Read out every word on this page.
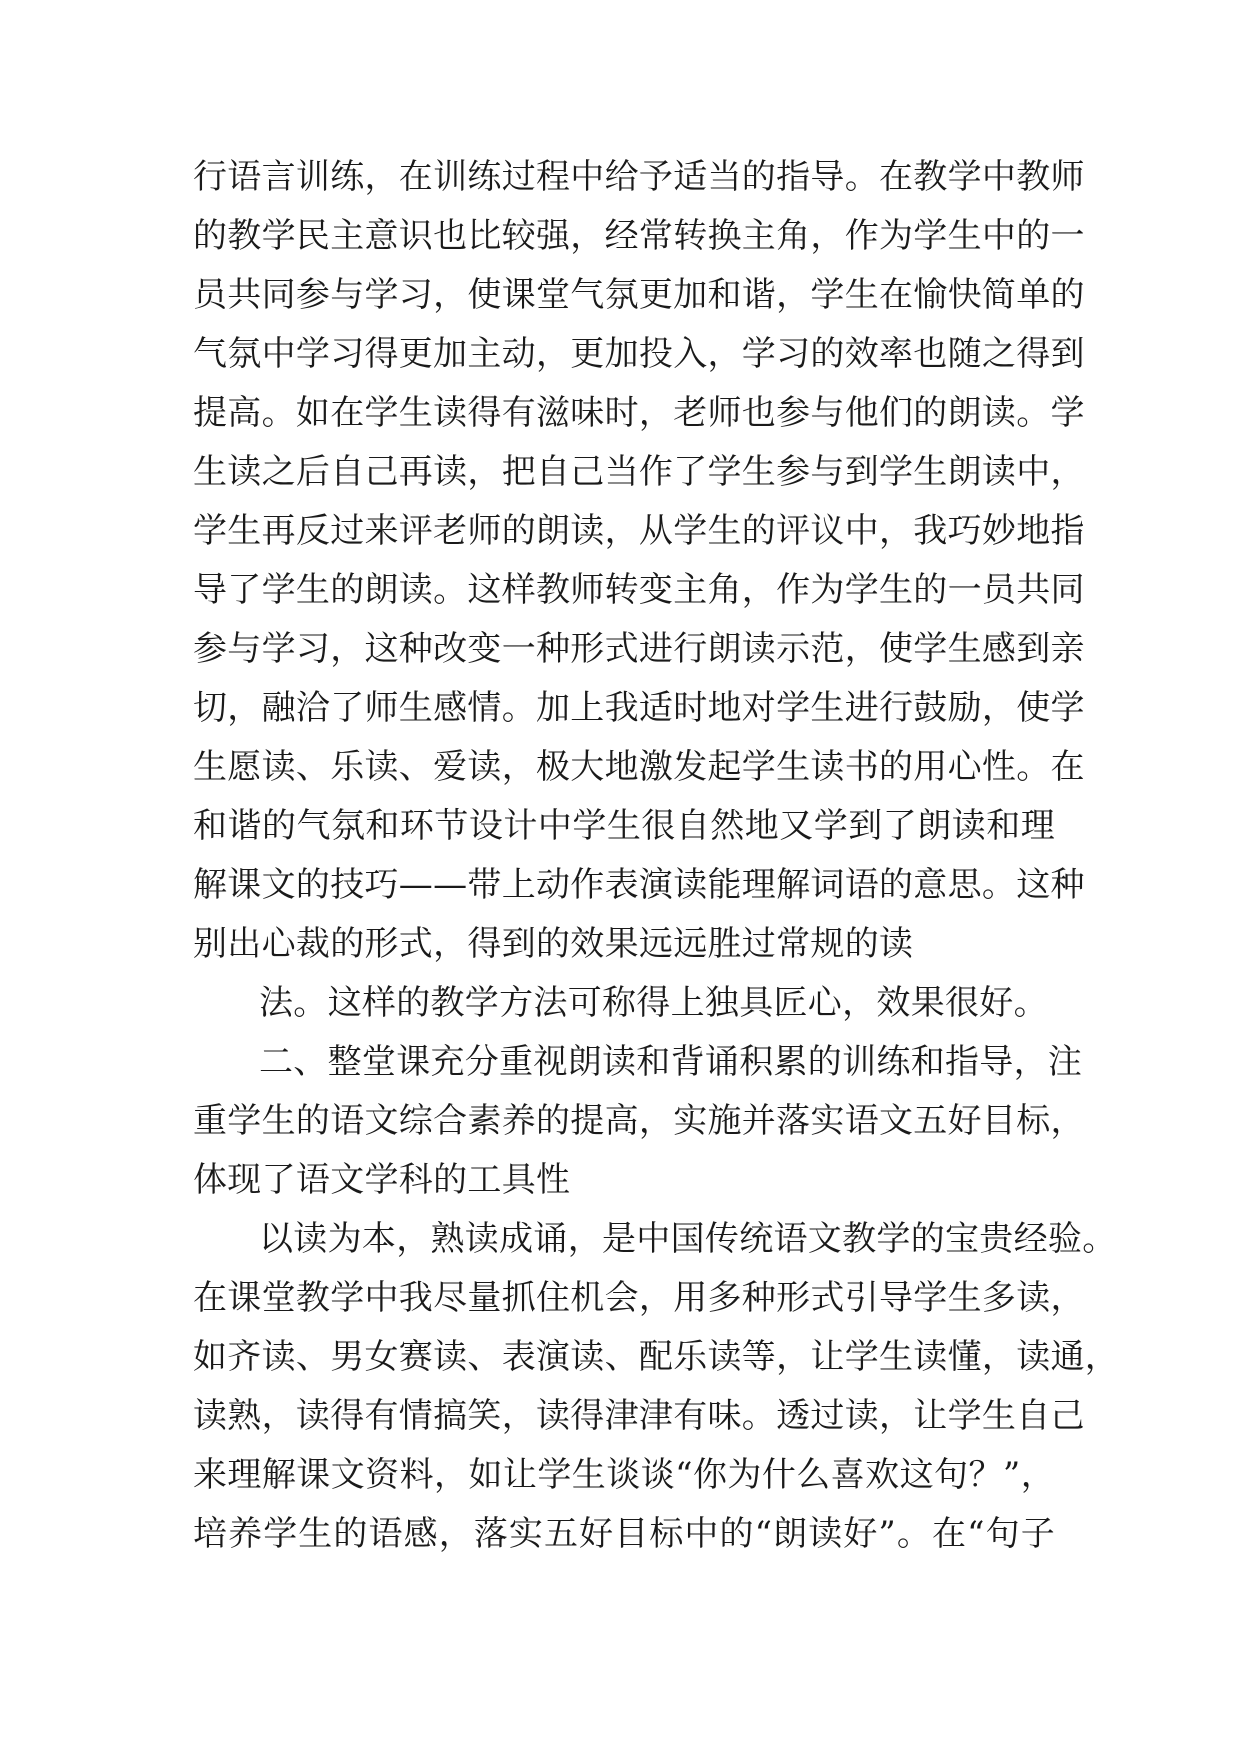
行语言训练，在训练过程中给予适当的指导。在教学中教师
的教学民主意识也比较强，经常转换主角，作为学生中的一
员共同参与学习，使课堂气氛更加和谐，学生在愉快简单的
气氛中学习得更加主动，更加投入，学习的效率也随之得到
提高。如在学生读得有滋味时，老师也参与他们的朗读。学
生读之后自己再读，把自己当作了学生参与到学生朗读中，
学生再反过来评老师的朗读，从学生的评议中，我巧妙地指
导了学生的朗读。这样教师转变主角，作为学生的一员共同
参与学习，这种改变一种形式进行朗读示范，使学生感到亲
切，融洽了师生感情。加上我适时地对学生进行鼓励，使学
生愿读、乐读、爱读，极大地激发起学生读书的用心性。在
和谐的气氛和环节设计中学生很自然地又学到了朗读和理
解课文的技巧——带上动作表演读能理解词语的意思。这种
别出心裁的形式，得到的效果远远胜过常规的读
法。这样的教学方法可称得上独具匠心，效果很好。
二、整堂课充分重视朗读和背诵积累的训练和指导，注
重学生的语文综合素养的提高，实施并落实语文五好目标，
体现了语文学科的工具性
以读为本，熟读成诵，是中国传统语文教学的宝贵经验。
在课堂教学中我尽量抓住机会，用多种形式引导学生多读，
如齐读、男女赛读、表演读、配乐读等，让学生读懂，读通，
读熟，读得有情搞笑，读得津津有味。透过读，让学生自己
来理解课文资料，如让学生谈谈“你为什么喜欢这句？”，
培养学生的语感，落实五好目标中的“朗读好”。在“句子
